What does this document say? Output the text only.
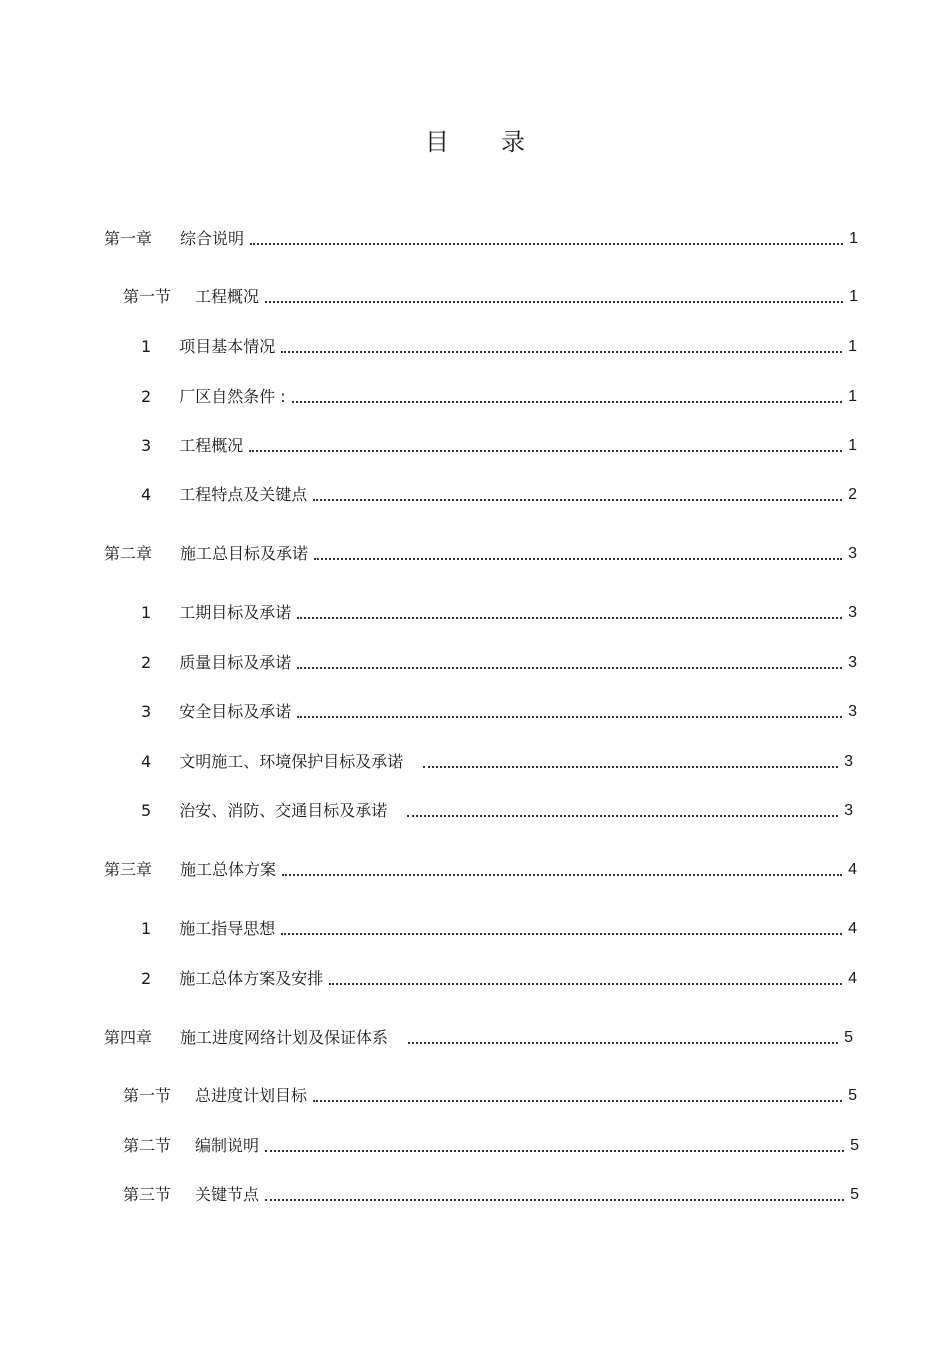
目 录
第一章	综合说明	1
第一节 工程概况	1
1 项目基本情况	1
2 厂区自然条件 :	1
3 工程概况	1
4 工程特点及关键点	2
第二章 施工总目标及承诺	3
1 工期目标及承诺	3
2 质量目标及承诺	3
3 安全目标及承诺	3
4 文明施工、环境保护目标及承诺	3
5 治安、消防、交通目标及承诺	3
第三章 施工总体方案	4
1 施工指导思想	4
2 施工总体方案及安排	4
第四章 施工进度网络计划及保证体系	5
第一节 总进度计划目标	5
第二节 编制说明	5
第三节 关键节点	5
